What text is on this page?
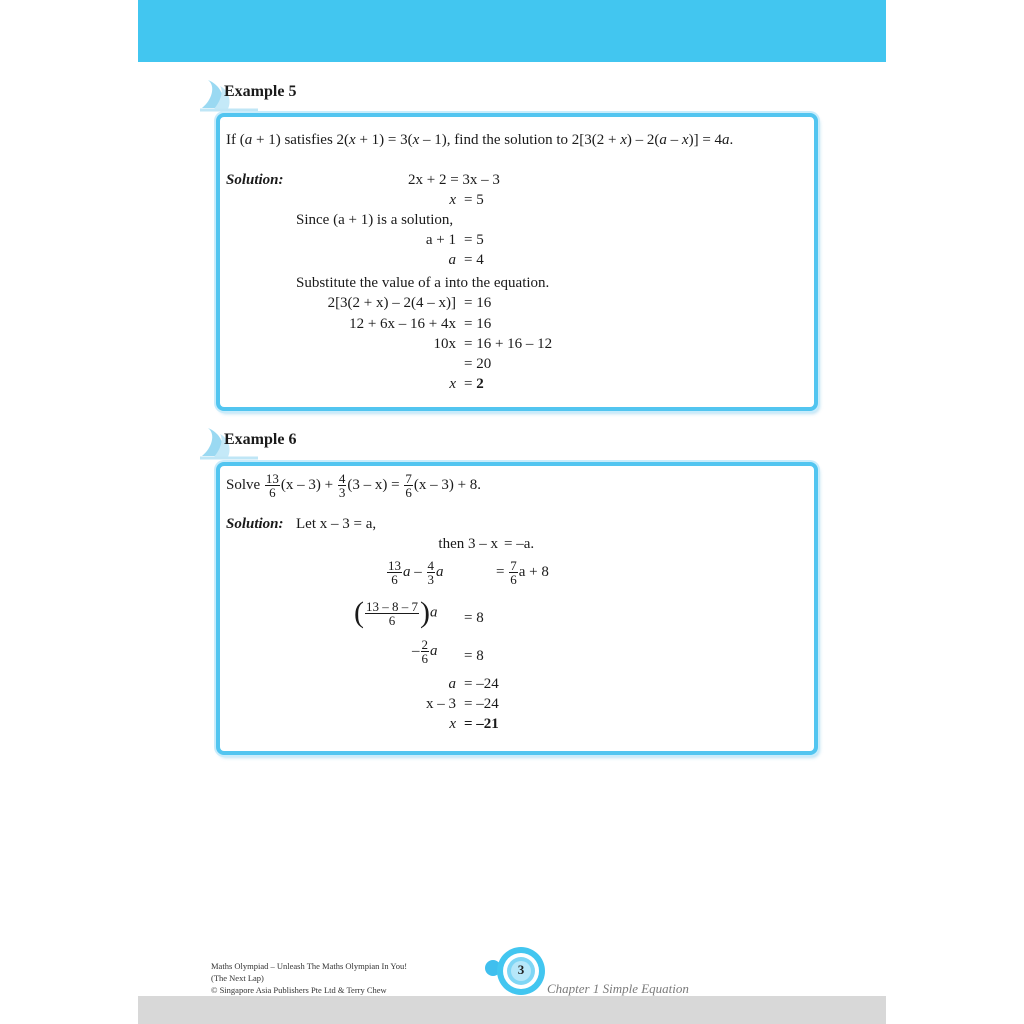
Example 5
If (a + 1) satisfies 2(x + 1) = 3(x – 1), find the solution to 2[3(2 + x) – 2(a – x)] = 4a.
Solution:	2x + 2 = 3x – 3
x = 5
Since (a + 1) is a solution,
a + 1 = 5
a = 4
Substitute the value of a into the equation.
2[3(2 + x) – 2(4 – x)] = 16
12 + 6x – 16 + 4x = 16
10x = 16 + 16 – 12
= 20
x = 2
Example 6
Solve $\frac{13}{6} (x - 3) + \frac{4}{3} (3 - x) = \frac{7}{6} (x - 3) + 8$.
Solution: Let x – 3 = a,
then 3 – x = –a.
$\frac{13}{6}$ a – $\frac{4}{3}$ a	= $\frac{7}{6}$ a + 8
( $\frac{13 - 8 - 7}{6} )a = 8$
– $\frac{2}{6}$ a = 8
a = –24
x – 3 = –24
x = –21
Maths Olympiad – Unleash The Maths Olympian In You!
(The Next Lap)
© Singapore Asia Publishers Pte Ltd & Terry Chew
3
Chapter 1 Simple Equation
